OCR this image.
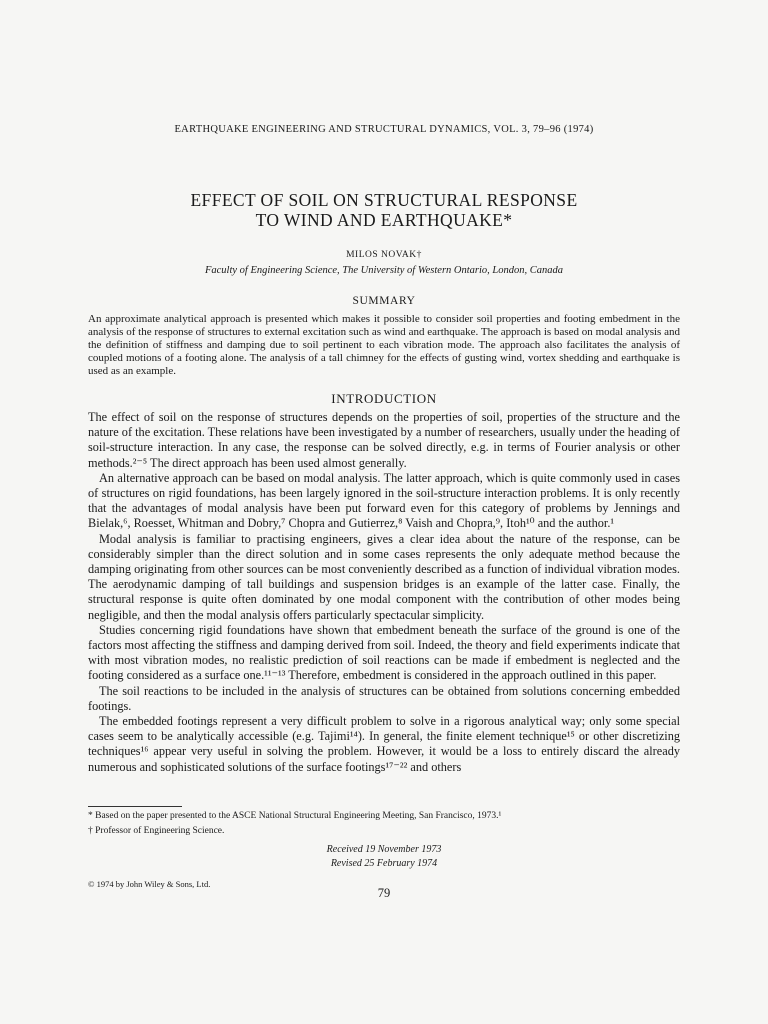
EARTHQUAKE ENGINEERING AND STRUCTURAL DYNAMICS, VOL. 3, 79–96 (1974)
EFFECT OF SOIL ON STRUCTURAL RESPONSE
TO WIND AND EARTHQUAKE*
MILOS NOVAK†
Faculty of Engineering Science, The University of Western Ontario, London, Canada
SUMMARY
An approximate analytical approach is presented which makes it possible to consider soil properties and footing embedment in the analysis of the response of structures to external excitation such as wind and earthquake. The approach is based on modal analysis and the definition of stiffness and damping due to soil pertinent to each vibration mode. The approach also facilitates the analysis of coupled motions of a footing alone. The analysis of a tall chimney for the effects of gusting wind, vortex shedding and earthquake is used as an example.
INTRODUCTION

The effect of soil on the response of structures depends on the properties of soil, properties of the structure and the nature of the excitation. These relations have been investigated by a number of researchers, usually under the heading of soil-structure interaction. In any case, the response can be solved directly, e.g. in terms of Fourier analysis or other methods.²⁻⁵ The direct approach has been used almost generally.

An alternative approach can be based on modal analysis. The latter approach, which is quite commonly used in cases of structures on rigid foundations, has been largely ignored in the soil-structure interaction problems. It is only recently that the advantages of modal analysis have been put forward even for this category of problems by Jennings and Bielak,⁶, Roesset, Whitman and Dobry,⁷ Chopra and Gutierrez,⁸ Vaish and Chopra,⁹, Itoh¹⁰ and the author.¹

Modal analysis is familiar to practising engineers, gives a clear idea about the nature of the response, can be considerably simpler than the direct solution and in some cases represents the only adequate method because the damping originating from other sources can be most conveniently described as a function of individual vibration modes. The aerodynamic damping of tall buildings and suspension bridges is an example of the latter case. Finally, the structural response is quite often dominated by one modal component with the contribution of other modes being negligible, and then the modal analysis offers particularly spectacular simplicity.

Studies concerning rigid foundations have shown that embedment beneath the surface of the ground is one of the factors most affecting the stiffness and damping derived from soil. Indeed, the theory and field experiments indicate that with most vibration modes, no realistic prediction of soil reactions can be made if embedment is neglected and the footing considered as a surface one.¹¹⁻¹³ Therefore, embedment is considered in the approach outlined in this paper.

The soil reactions to be included in the analysis of structures can be obtained from solutions concerning embedded footings.

The embedded footings represent a very difficult problem to solve in a rigorous analytical way; only some special cases seem to be analytically accessible (e.g. Tajimi¹⁴). In general, the finite element technique¹⁵ or other discretizing techniques¹⁶ appear very useful in solving the problem. However, it would be a loss to entirely discard the already numerous and sophisticated solutions of the surface footings¹⁷⁻²² and others

* Based on the paper presented to the ASCE National Structural Engineering Meeting, San Francisco, 1973.¹
† Professor of Engineering Science.
Received 19 November 1973
Revised 25 February 1974
© 1974 by John Wiley & Sons, Ltd.
79
